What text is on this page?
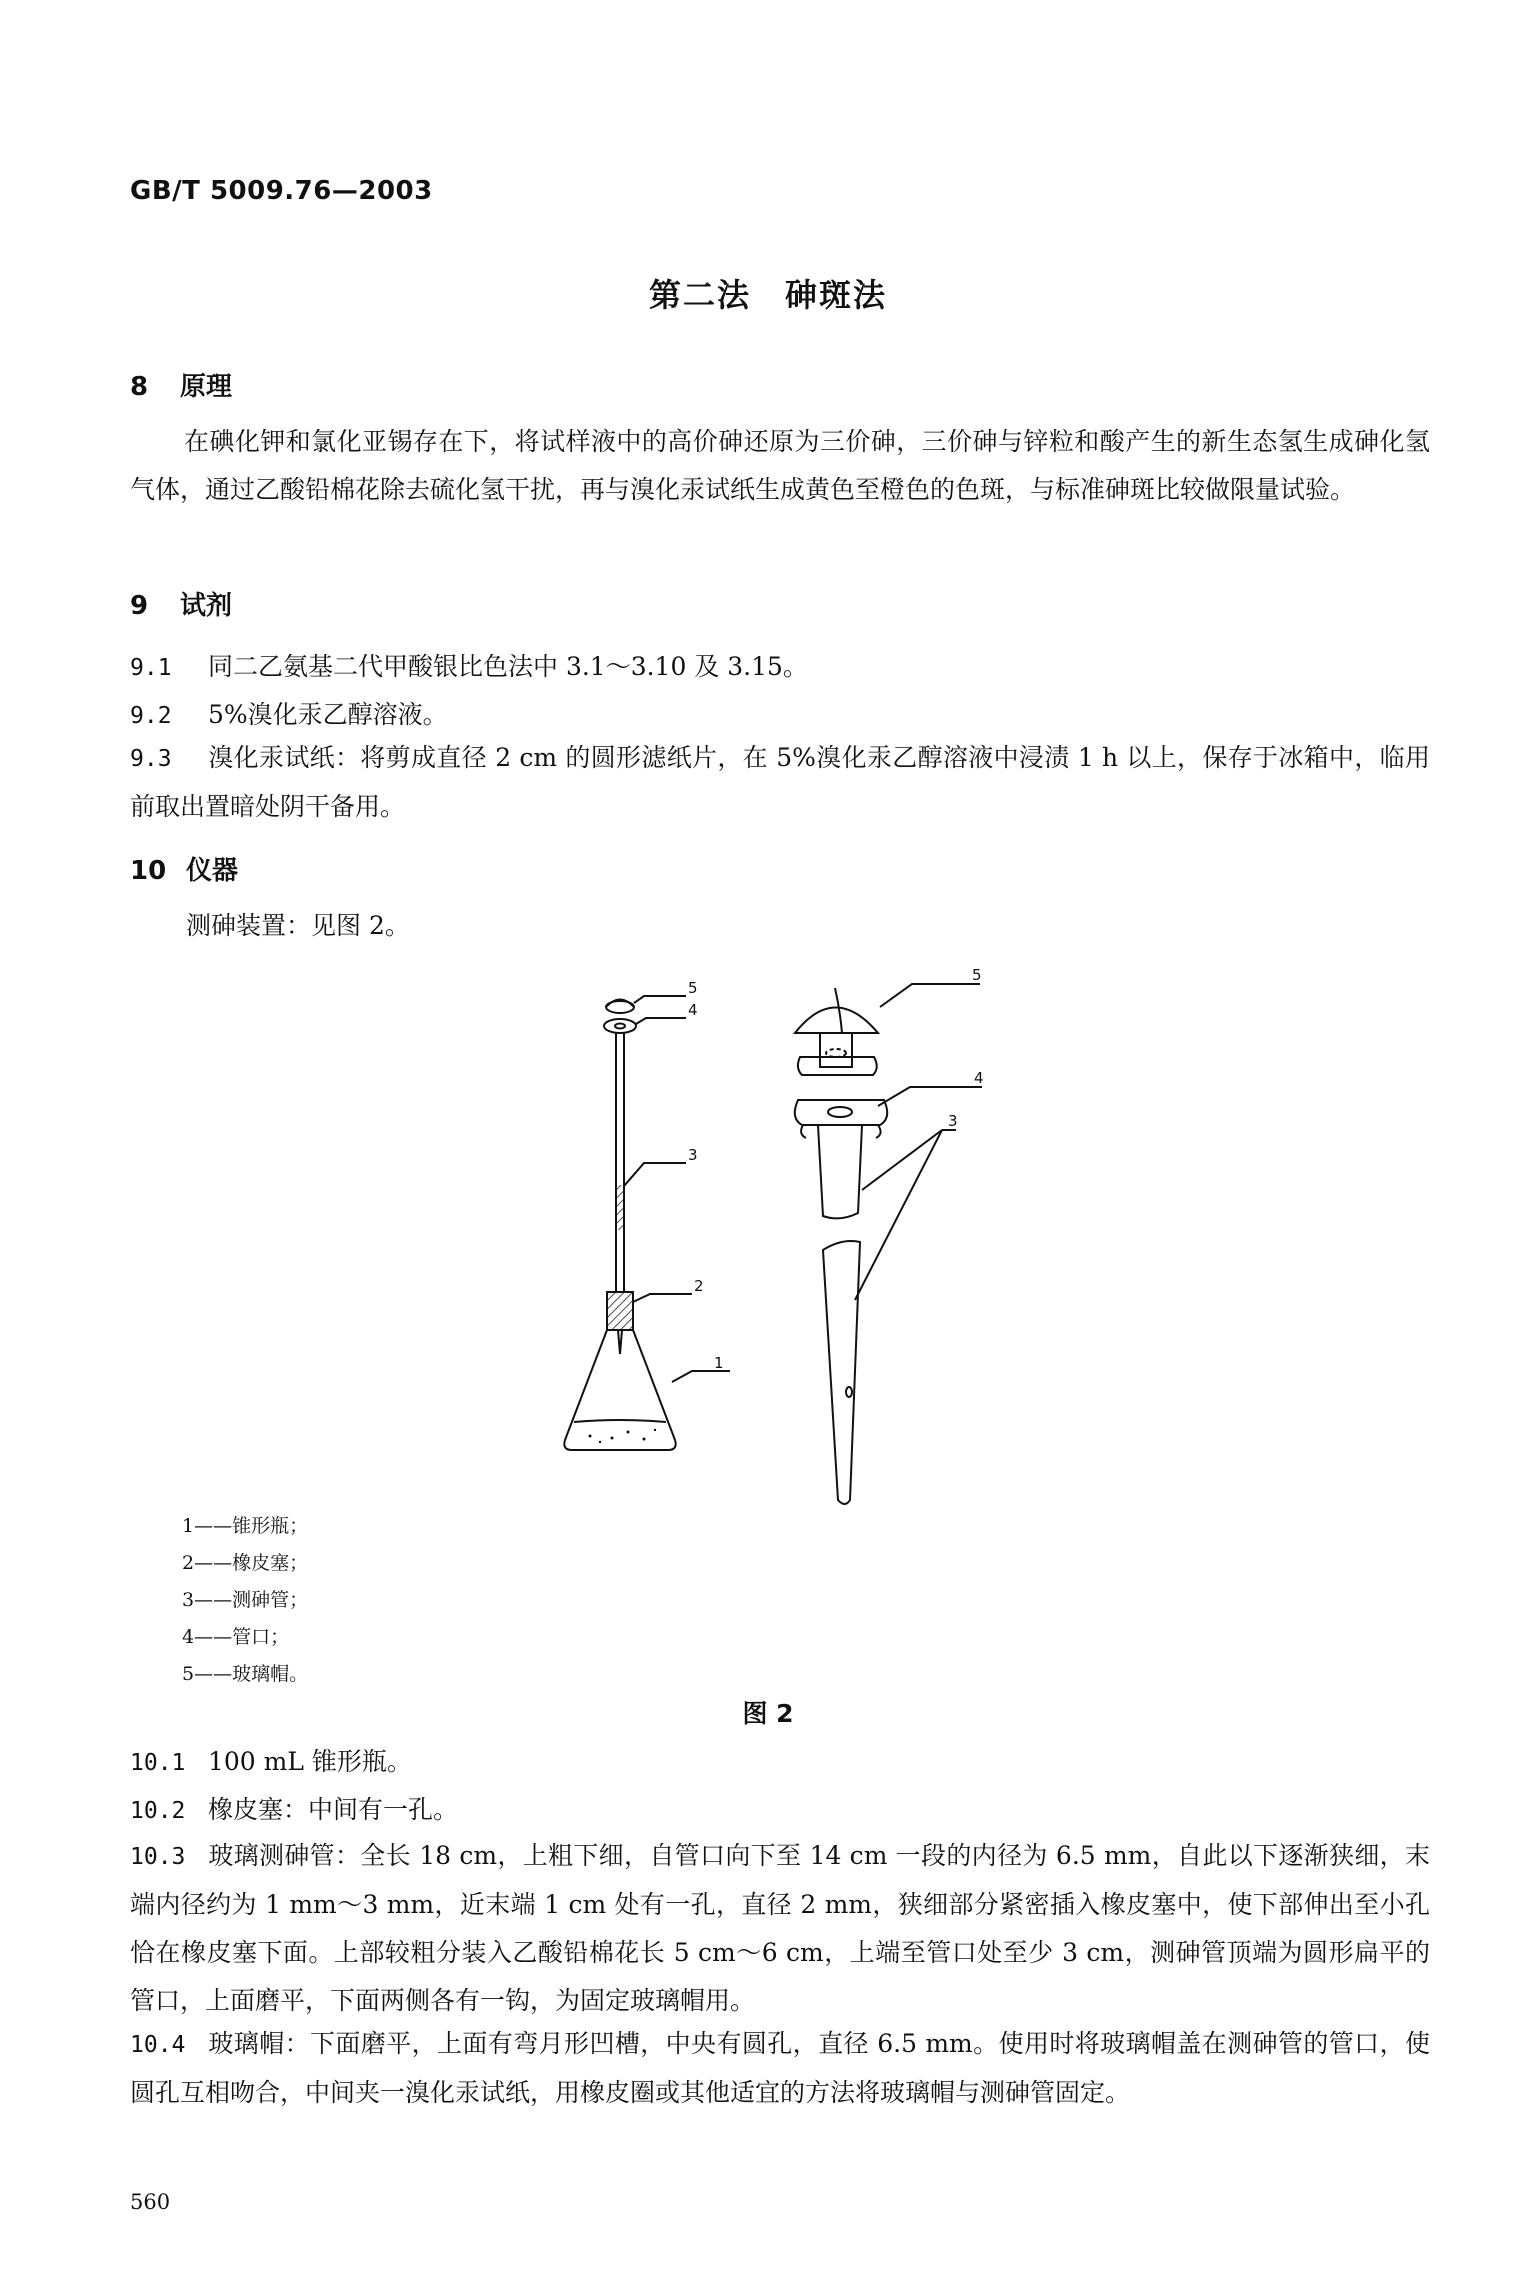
GB/T 5009.76—2003
第二法　砷斑法
8 原理
在碘化钾和氯化亚锡存在下，将试样液中的高价砷还原为三价砷，三价砷与锌粒和酸产生的新生态氢生成砷化氢气体，通过乙酸铅棉花除去硫化氢干扰，再与溴化汞试纸生成黄色至橙色的色斑，与标准砷斑比较做限量试验。
9 试剂
9.1 同二乙氨基二代甲酸银比色法中 3.1～3.10 及 3.15。
9.2 5%溴化汞乙醇溶液。
9.3 溴化汞试纸：将剪成直径 2 cm 的圆形滤纸片，在 5%溴化汞乙醇溶液中浸渍 1 h 以上，保存于冰箱中，临用前取出置暗处阴干备用。
10 仪器
测砷装置：见图 2。
5
4
3
2
1
5
4
3
1——锥形瓶；
2——橡皮塞；
3——测砷管；
4——管口；
5——玻璃帽。
图 2
10.1 100 mL 锥形瓶。
10.2 橡皮塞：中间有一孔。
10.3 玻璃测砷管：全长 18 cm，上粗下细，自管口向下至 14 cm 一段的内径为 6.5 mm，自此以下逐渐狭细，末端内径约为 1 mm～3 mm，近末端 1 cm 处有一孔，直径 2 mm，狭细部分紧密插入橡皮塞中，使下部伸出至小孔恰在橡皮塞下面。上部较粗分装入乙酸铅棉花长 5 cm～6 cm，上端至管口处至少 3 cm，测砷管顶端为圆形扁平的管口，上面磨平，下面两侧各有一钩，为固定玻璃帽用。
10.4 玻璃帽：下面磨平，上面有弯月形凹槽，中央有圆孔，直径 6.5 mm。使用时将玻璃帽盖在测砷管的管口，使圆孔互相吻合，中间夹一溴化汞试纸，用橡皮圈或其他适宜的方法将玻璃帽与测砷管固定。
560
